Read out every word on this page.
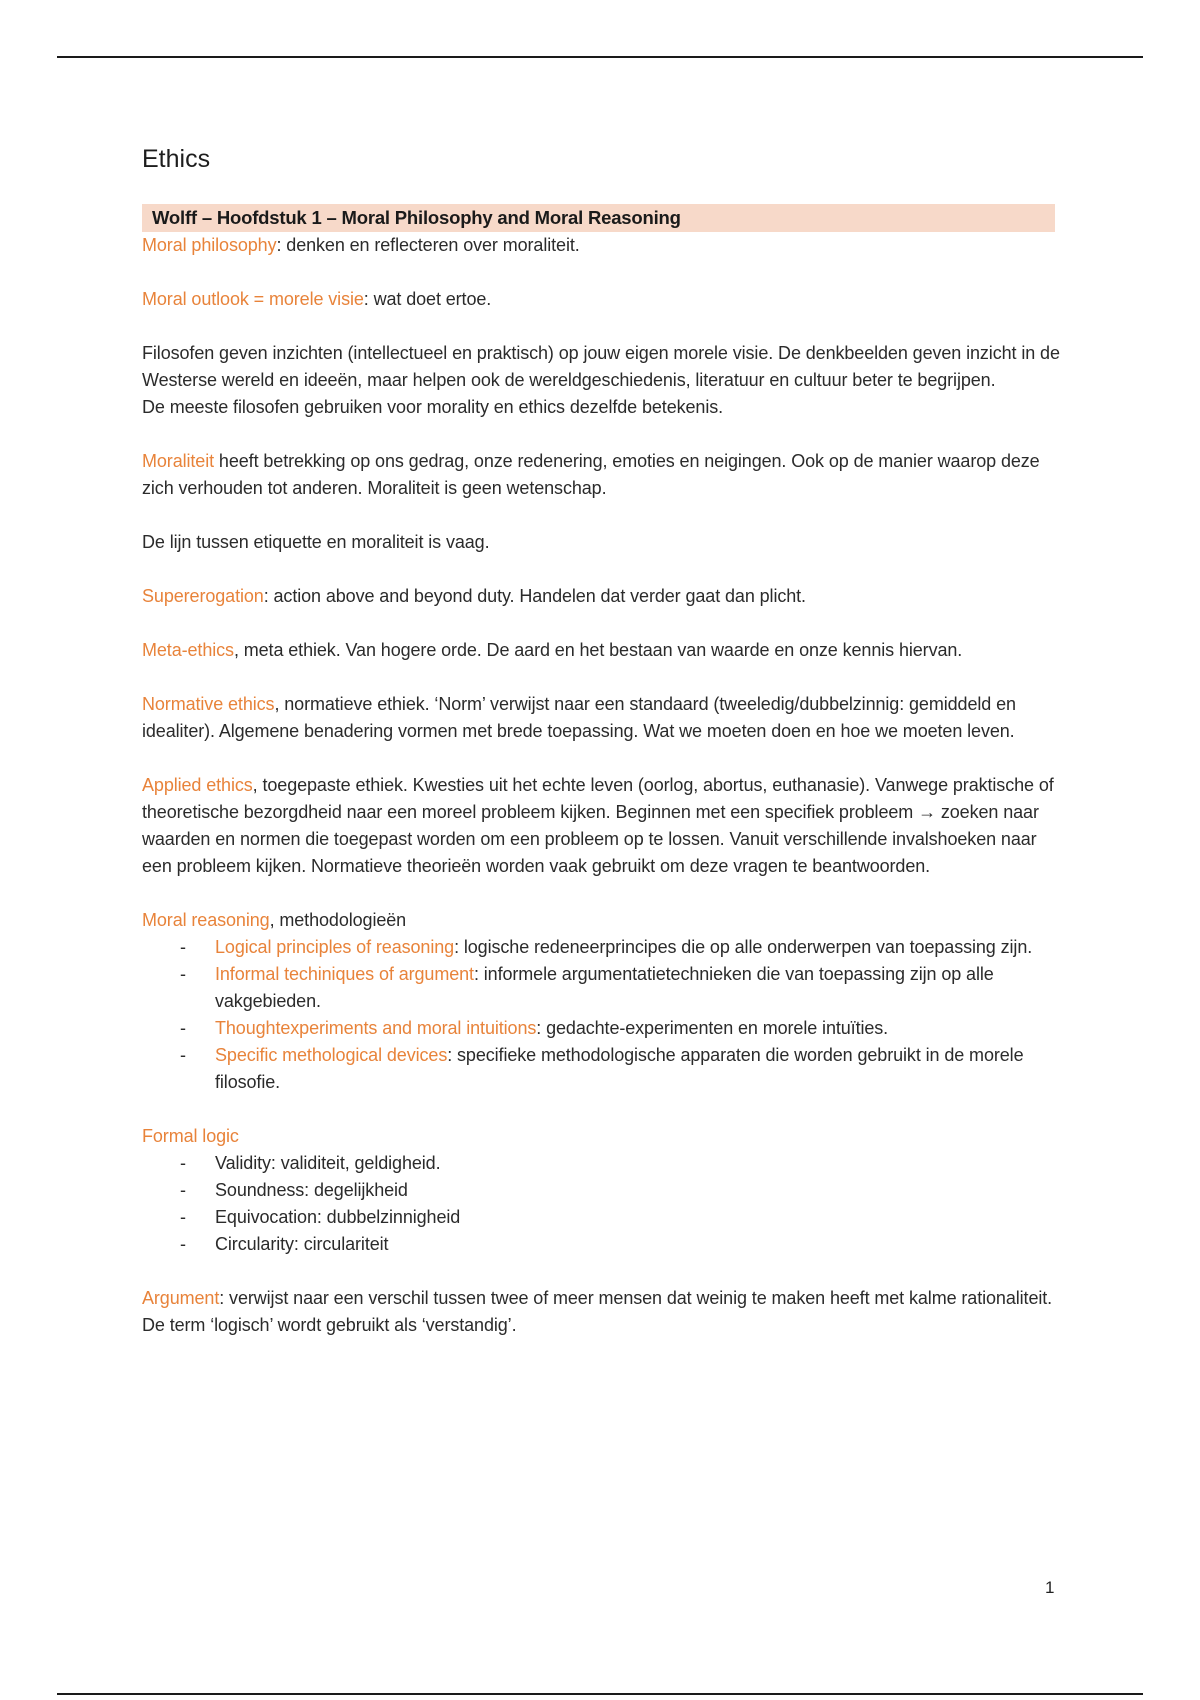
Ethics
Wolff – Hoofdstuk 1 – Moral Philosophy and Moral Reasoning

Moral philosophy: denken en reflecteren over moraliteit.

Moral outlook = morele visie: wat doet ertoe.

Filosofen geven inzichten (intellectueel en praktisch) op jouw eigen morele visie. De denkbeelden geven inzicht in de Westerse wereld en ideeën, maar helpen ook de wereldgeschiedenis, literatuur en cultuur beter te begrijpen.
De meeste filosofen gebruiken voor morality en ethics dezelfde betekenis.

Moraliteit heeft betrekking op ons gedrag, onze redenering, emoties en neigingen. Ook op de manier waarop deze zich verhouden tot anderen. Moraliteit is geen wetenschap.

De lijn tussen etiquette en moraliteit is vaag.

Supererogation: action above and beyond duty. Handelen dat verder gaat dan plicht.

Meta-ethics, meta ethiek. Van hogere orde. De aard en het bestaan van waarde en onze kennis hiervan.

Normative ethics, normatieve ethiek. ‘Norm’ verwijst naar een standaard (tweeledig/dubbelzinnig: gemiddeld en idealiter). Algemene benadering vormen met brede toepassing. Wat we moeten doen en hoe we moeten leven.

Applied ethics, toegepaste ethiek. Kwesties uit het echte leven (oorlog, abortus, euthanasie). Vanwege praktische of theoretische bezorgdheid naar een moreel probleem kijken. Beginnen met een specifiek probleem → zoeken naar waarden en normen die toegepast worden om een probleem op te lossen. Vanuit verschillende invalshoeken naar een probleem kijken. Normatieve theorieën worden vaak gebruikt om deze vragen te beantwoorden.

Moral reasoning, methodologieën
- Logical principles of reasoning: logische redeneerprincipes die op alle onderwerpen van toepassing zijn.
- Informal techiniques of argument: informele argumentatietechnieken die van toepassing zijn op alle vakgebieden.
- Thoughtexperiments and moral intuitions: gedachte-experimenten en morele intuïties.
- Specific methological devices: specifieke methodologische apparaten die worden gebruikt in de morele filosofie.
Formal logic
- Validity: validiteit, geldigheid.
- Soundness: degelijkheid
- Equivocation: dubbelzinnigheid
- Circularity: circulariteit

Argument: verwijst naar een verschil tussen twee of meer mensen dat weinig te maken heeft met kalme rationaliteit. De term ‘logisch’ wordt gebruikt als ‘verstandig’.

1
